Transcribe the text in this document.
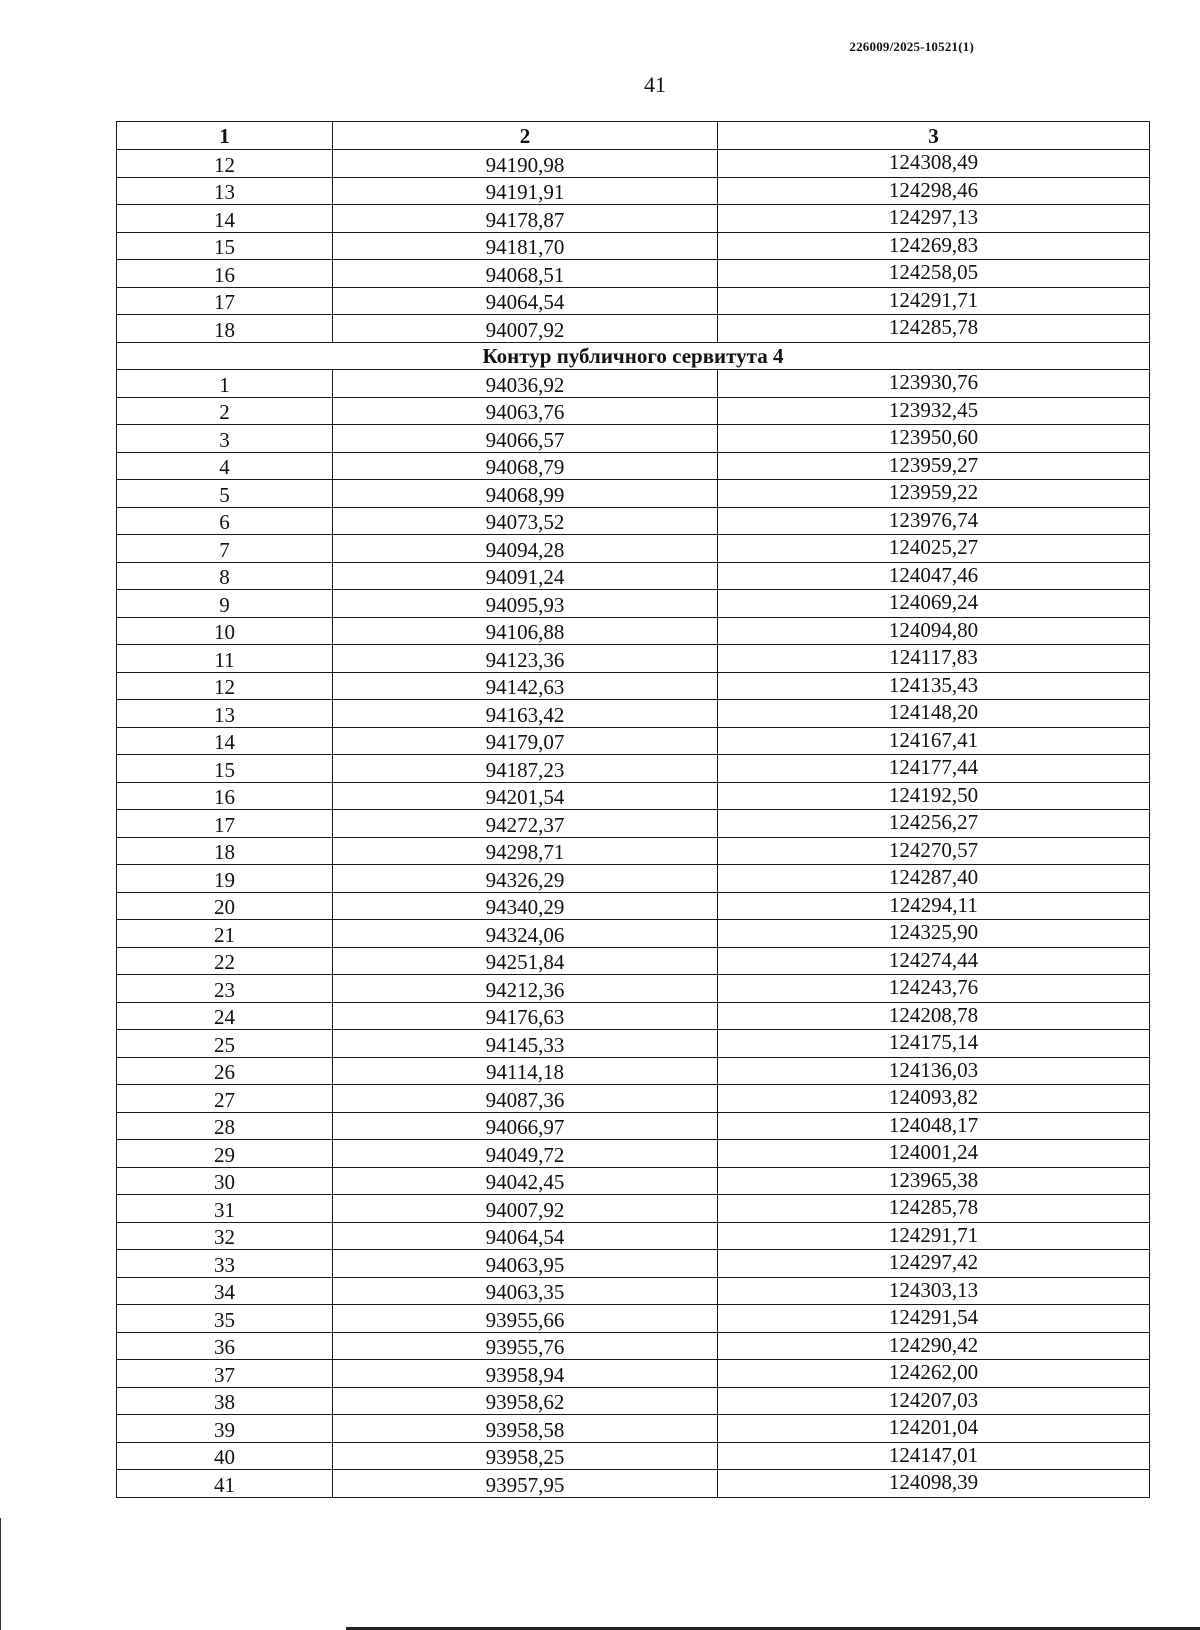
226009/2025-10521(1)
41
1	2	3
12	94190,98	124308,49
13	94191,91	124298,46
14	94178,87	124297,13
15	94181,70	124269,83
16	94068,51	124258,05
17	94064,54	124291,71
18	94007,92	124285,78
Контур публичного сервитута 4		
1	94036,92	123930,76
2	94063,76	123932,45
3	94066,57	123950,60
4	94068,79	123959,27
5	94068,99	123959,22
6	94073,52	123976,74
7	94094,28	124025,27
8	94091,24	124047,46
9	94095,93	124069,24
10	94106,88	124094,80
11	94123,36	124117,83
12	94142,63	124135,43
13	94163,42	124148,20
14	94179,07	124167,41
15	94187,23	124177,44
16	94201,54	124192,50
17	94272,37	124256,27
18	94298,71	124270,57
19	94326,29	124287,40
20	94340,29	124294,11
21	94324,06	124325,90
22	94251,84	124274,44
23	94212,36	124243,76
24	94176,63	124208,78
25	94145,33	124175,14
26	94114,18	124136,03
27	94087,36	124093,82
28	94066,97	124048,17
29	94049,72	124001,24
30	94042,45	123965,38
31	94007,92	124285,78
32	94064,54	124291,71
33	94063,95	124297,42
34	94063,35	124303,13
35	93955,66	124291,54
36	93955,76	124290,42
37	93958,94	124262,00
38	93958,62	124207,03
39	93958,58	124201,04
40	93958,25	124147,01
41	93957,95	124098,39
